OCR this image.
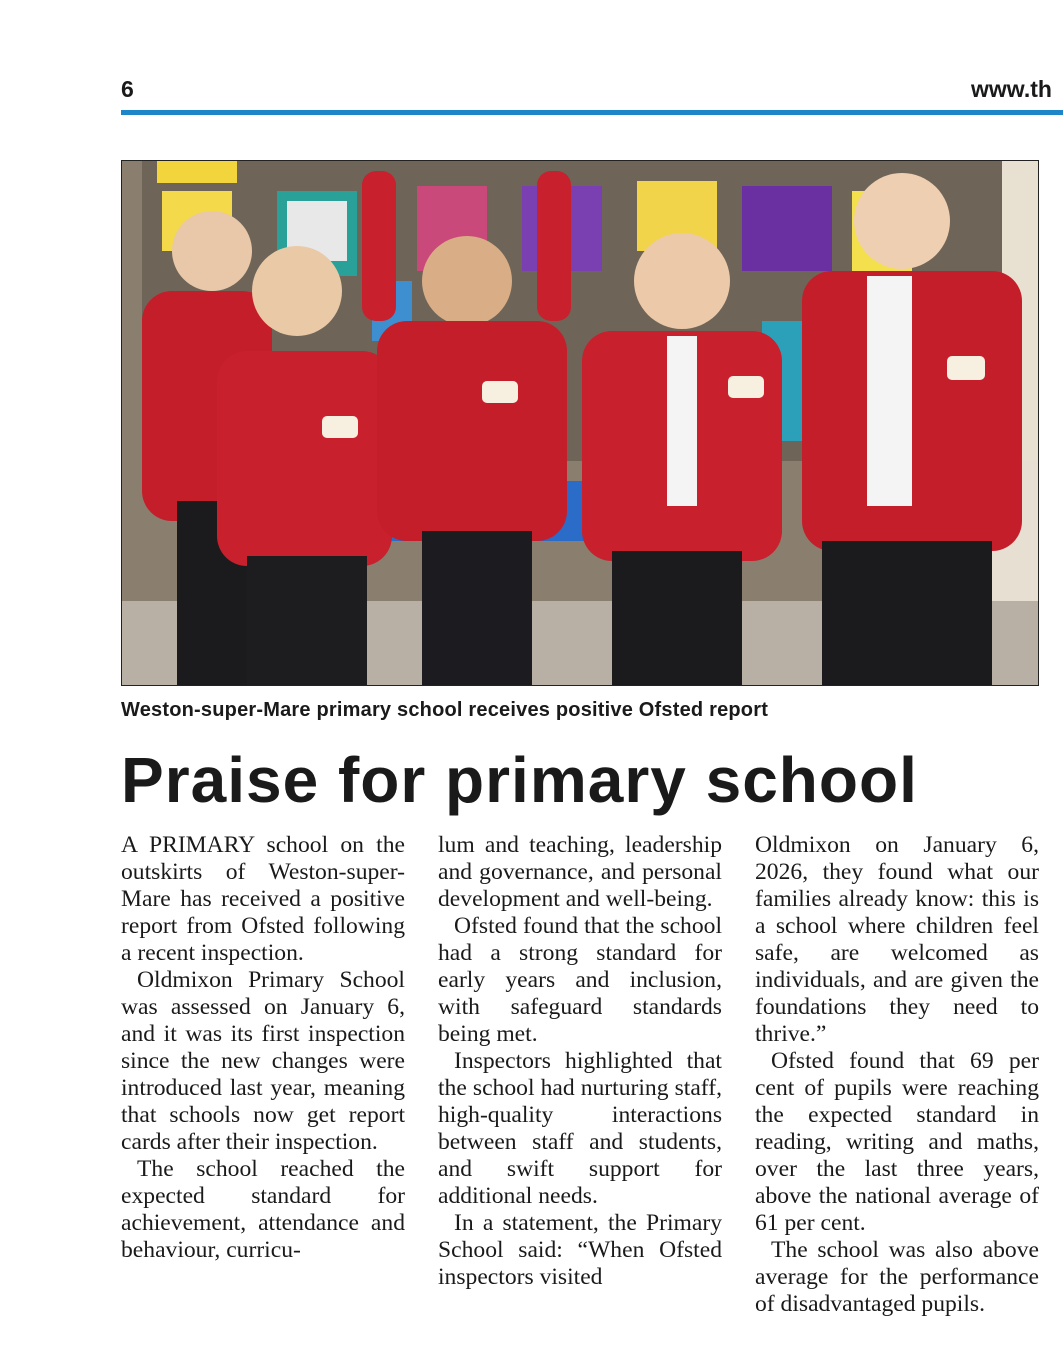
6	www.th
Weston-super-Mare primary school receives positive Ofsted report
Praise for primary school

A PRIMARY school on the outskirts of Weston-super-Mare has received a positive report from Ofsted following a recent inspection.

Oldmixon Primary School was assessed on January 6, and it was its first inspection since the new changes were introduced last year, meaning that schools now get report cards after their inspection.

The school reached the expected standard for achievement, attendance and behaviour, curricu-

lum and teaching, leadership and governance, and personal development and well-being.

Ofsted found that the school had a strong standard for early years and inclusion, with safeguard standards being met.

Inspectors highlighted that the school had nurturing staff, high-quality interactions between staff and students, and swift support for additional needs.

In a statement, the Primary School said: “When Ofsted inspectors visited

Oldmixon on January 6, 2026, they found what our families already know: this is a school where children feel safe, are welcomed as individuals, and are given the foundations they need to thrive.”

Ofsted found that 69 per cent of pupils were reaching the expected standard in reading, writing and maths, over the last three years, above the national average of 61 per cent.

The school was also above average for the performance of disadvantaged pupils.
